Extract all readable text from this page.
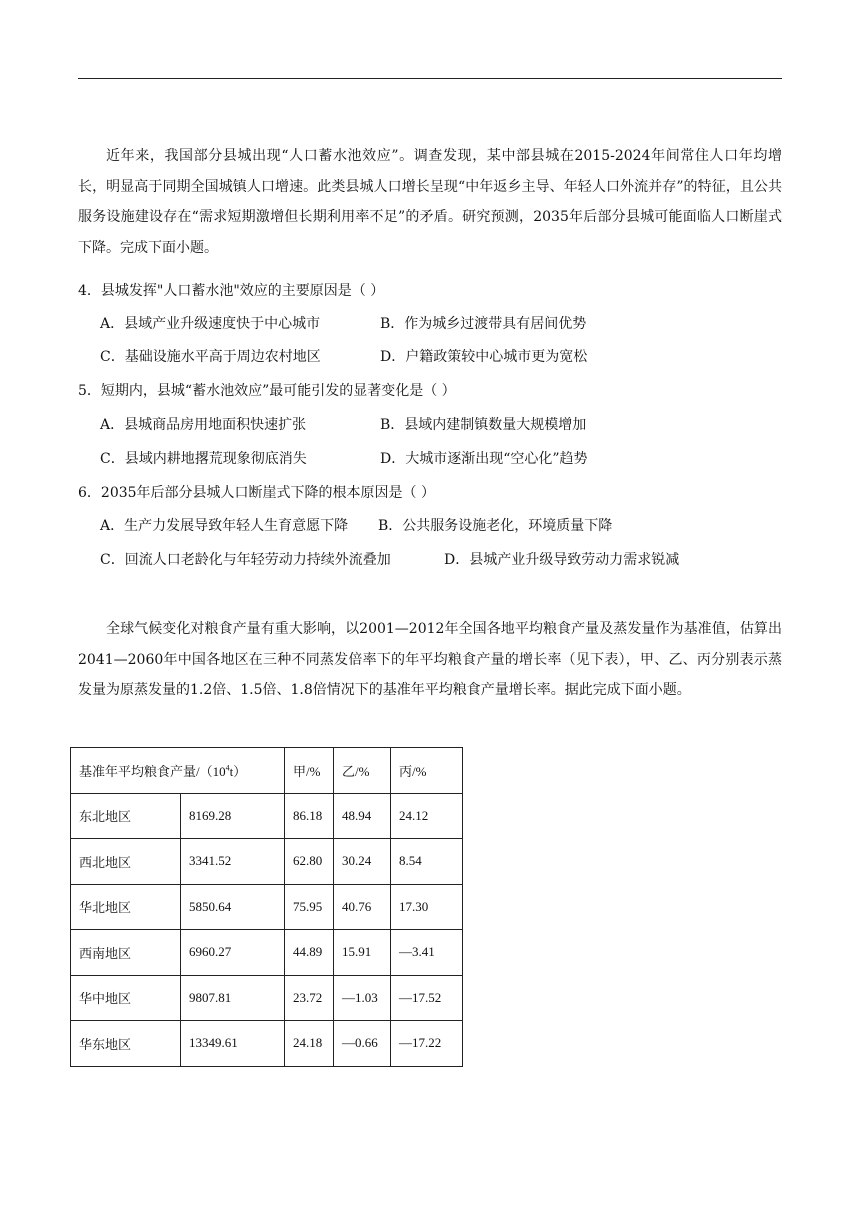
近年来，我国部分县城出现“人口蓄水池效应”。调查发现，某中部县城在2015-2024年间常住人口年均增长，明显高于同期全国城镇人口增速。此类县城人口增长呈现“中年返乡主导、年轻人口外流并存”的特征，且公共服务设施建设存在“需求短期激增但长期利用率不足”的矛盾。研究预测，2035年后部分县城可能面临人口断崖式下降。完成下面小题。

4．县城发挥"人口蓄水池"效应的主要原因是（ ）
A．县域产业升级速度快于中心城市	B．作为城乡过渡带具有居间优势
C．基础设施水平高于周边农村地区	D．户籍政策较中心城市更为宽松
5．短期内，县城“蓄水池效应”最可能引发的显著变化是（ ）
A．县城商品房用地面积快速扩张	B．县域内建制镇数量大规模增加
C．县域内耕地撂荒现象彻底消失	D．大城市逐渐出现“空心化”趋势
6．2035年后部分县城人口断崖式下降的根本原因是（ ）
A．生产力发展导致年轻人生育意愿下降 B．公共服务设施老化，环境质量下降
C．回流人口老龄化与年轻劳动力持续外流叠加	D．县城产业升级导致劳动力需求锐减

全球气候变化对粮食产量有重大影响，以2001—2012年全国各地平均粮食产量及蒸发量作为基准值，估算出2041—2060年中国各地区在三种不同蒸发倍率下的年平均粮食产量的增长率（见下表），甲、乙、丙分别表示蒸发量为原蒸发量的1.2倍、1.5倍、1.8倍情况下的基准年平均粮食产量增长率。据此完成下面小题。

基准年平均粮食产量$/(10^4t)$		甲/%	乙/%	丙/%
东北地区	8169.28	86.18	48.94	24.12
西北地区	3341.52	62.80	30.24	8.54
华北地区	5850.64	75.95	40.76	17.30
西南地区	6960.27	44.89	15.91	—3.41
华中地区	9807.81	23.72	—1.03	—17.52
华东地区	13349.61	24.18	—0.66	—17.22
